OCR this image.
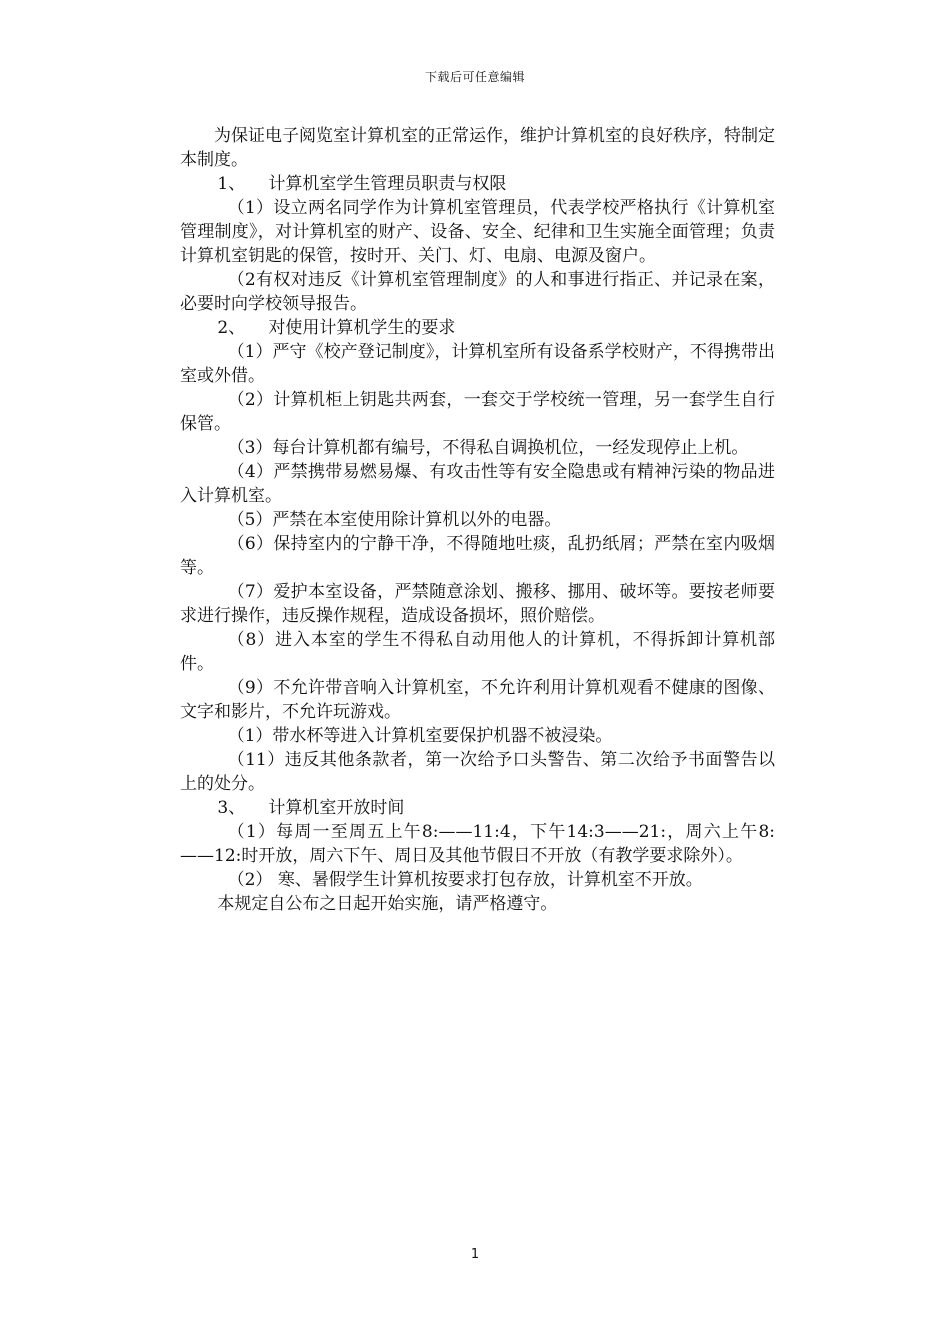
下载后可任意编辑

为保证电子阅览室计算机室的正常运作，维护计算机室的良好秩序，特制定本制度。

1、 计算机室学生管理员职责与权限

（1）设立两名同学作为计算机室管理员，代表学校严格执行《计算机室管理制度》，对计算机室的财产、设备、安全、纪律和卫生实施全面管理；负责计算机室钥匙的保管，按时开、关门、灯、电扇、电源及窗户。

（2有权对违反《计算机室管理制度》的人和事进行指正、并记录在案，必要时向学校领导报告。

2、 对使用计算机学生的要求

（1）严守《校产登记制度》，计算机室所有设备系学校财产，不得携带出室或外借。

（2）计算机柜上钥匙共两套，一套交于学校统一管理，另一套学生自行保管。

（3）每台计算机都有编号，不得私自调换机位，一经发现停止上机。

（4）严禁携带易燃易爆、有攻击性等有安全隐患或有精神污染的物品进入计算机室。

（5）严禁在本室使用除计算机以外的电器。

（6）保持室内的宁静干净，不得随地吐痰，乱扔纸屑；严禁在室内吸烟等。

（7）爱护本室设备，严禁随意涂划、搬移、挪用、破坏等。要按老师要求进行操作，违反操作规程，造成设备损坏，照价赔偿。

（8）进入本室的学生不得私自动用他人的计算机，不得拆卸计算机部件。

（9）不允许带音响入计算机室，不允许利用计算机观看不健康的图像、文字和影片，不允许玩游戏。

（1）带水杯等进入计算机室要保护机器不被浸染。

（11）违反其他条款者，第一次给予口头警告、第二次给予书面警告以上的处分。

3、 计算机室开放时间

（1）每周一至周五上午8:——11:4，下午14:3——21:，周六上午8:——12:时开放，周六下午、周日及其他节假日不开放（有教学要求除外）。

（2） 寒、暑假学生计算机按要求打包存放，计算机室不开放。

本规定自公布之日起开始实施，请严格遵守。

1
